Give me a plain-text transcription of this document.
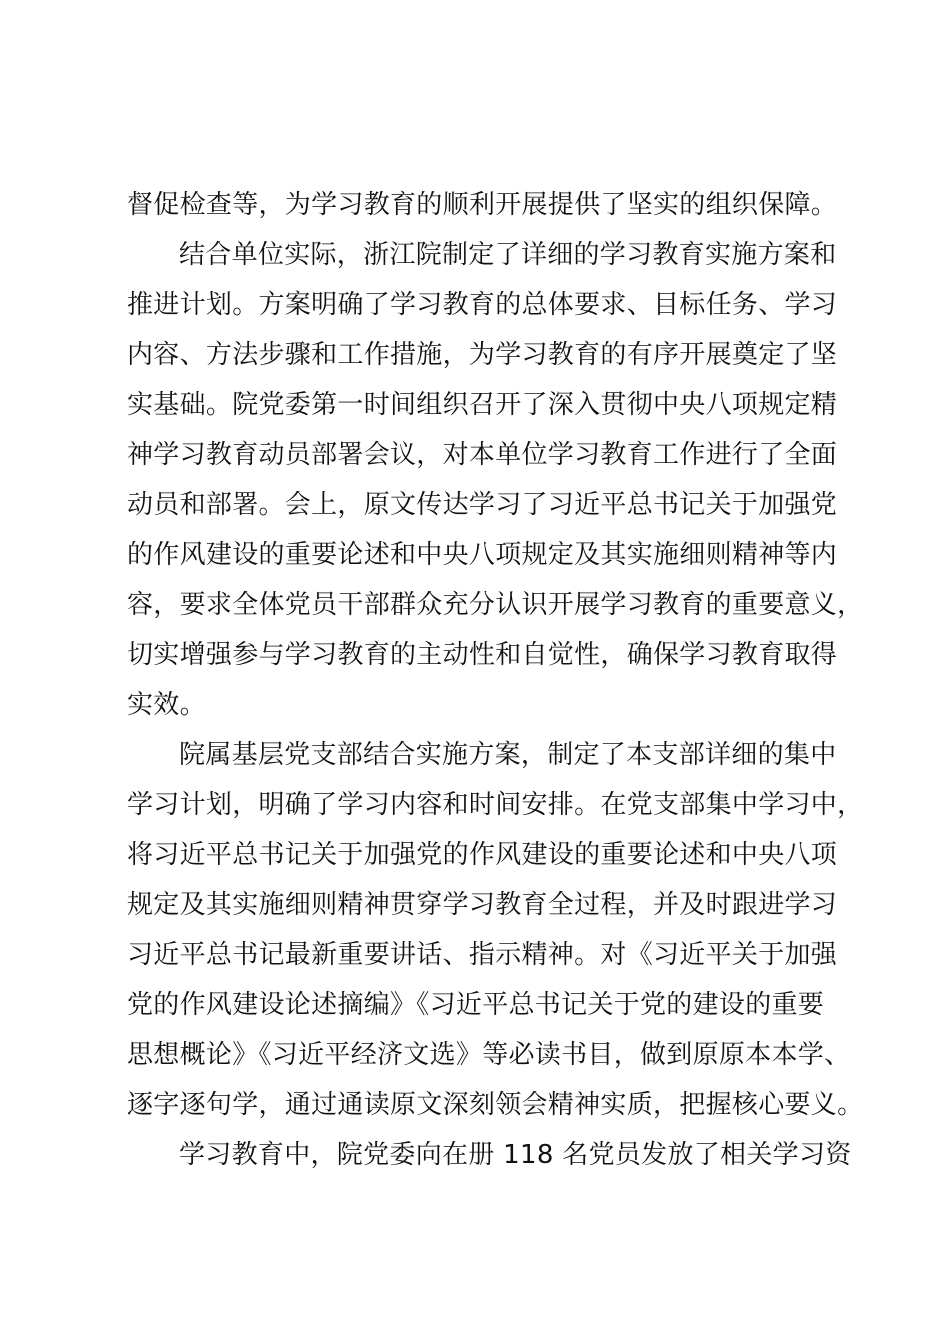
督促检查等，为学习教育的顺利开展提供了坚实的组织保障。
结合单位实际，浙江院制定了详细的学习教育实施方案和
推进计划。方案明确了学习教育的总体要求、目标任务、学习
内容、方法步骤和工作措施，为学习教育的有序开展奠定了坚
实基础。院党委第一时间组织召开了深入贯彻中央八项规定精
神学习教育动员部署会议，对本单位学习教育工作进行了全面
动员和部署。会上，原文传达学习了习近平总书记关于加强党
的作风建设的重要论述和中央八项规定及其实施细则精神等内
容，要求全体党员干部群众充分认识开展学习教育的重要意义，
切实增强参与学习教育的主动性和自觉性，确保学习教育取得
实效。
院属基层党支部结合实施方案，制定了本支部详细的集中
学习计划，明确了学习内容和时间安排。在党支部集中学习中，
将习近平总书记关于加强党的作风建设的重要论述和中央八项
规定及其实施细则精神贯穿学习教育全过程，并及时跟进学习
习近平总书记最新重要讲话、指示精神。对《习近平关于加强
党的作风建设论述摘编》《习近平总书记关于党的建设的重要
思想概论》《习近平经济文选》等必读书目，做到原原本本学、
逐字逐句学，通过通读原文深刻领会精神实质，把握核心要义。
学习教育中，院党委向在册 118 名党员发放了相关学习资
